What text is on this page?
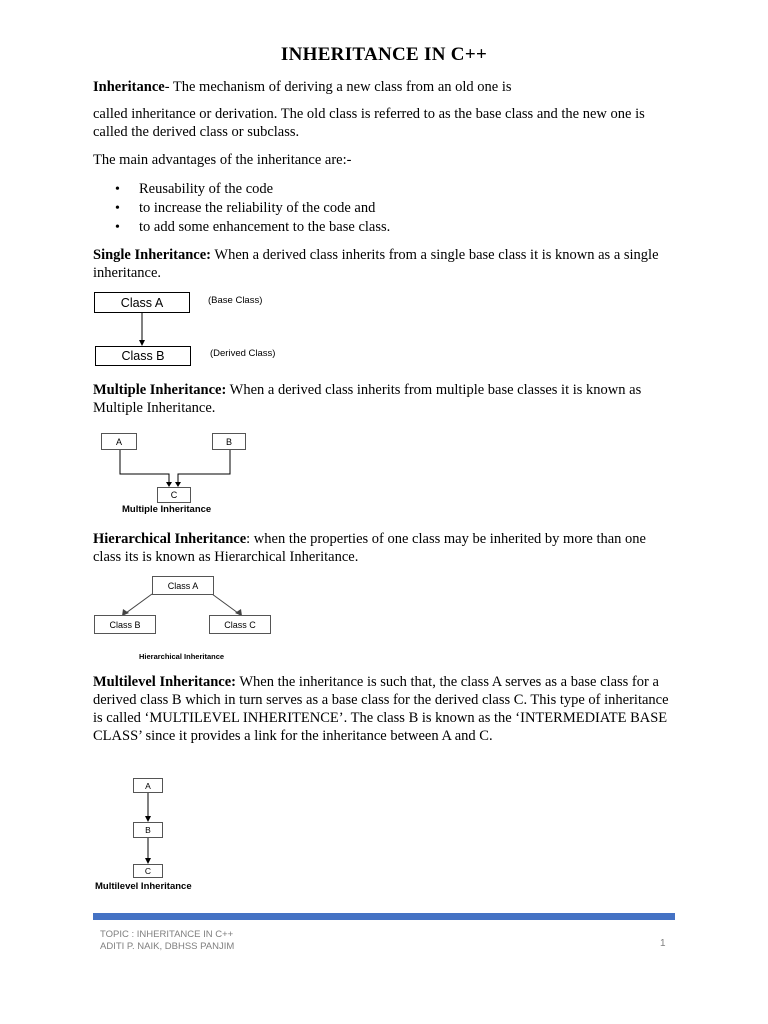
INHERITANCE IN C++
Inheritance- The mechanism of deriving a new class from an old one is
called inheritance or derivation. The old class is referred to as the base class and the new one is called the derived class or subclass.
The main advantages of the inheritance are:-
• Reusability of the code
• to increase the reliability of the code and
• to add some enhancement to the base class.
Single Inheritance: When a derived class inherits from a single base class it is known as a single inheritance.
Class A	(Base Class)
Class B	(Derived Class)
Multiple Inheritance: When a derived class inherits from multiple base classes it is known as Multiple Inheritance.
A	B
C
Multiple Inheritance
Hierarchical Inheritance: when the properties of one class may be inherited by more than one class its is known as Hierarchical Inheritance.
Class A
Class B	Class C
Hierarchical Inheritance
Multilevel Inheritance: When the inheritance is such that, the class A serves as a base class for a derived class B which in turn serves as a base class for the derived class C. This type of inheritance is called ‘MULTILEVEL INHERITENCE’. The class B is known as the ‘INTERMEDIATE BASE CLASS’ since it provides a link for the inheritance between A and C.
A
B
C
Multilevel Inheritance
TOPIC : INHERITANCE IN C++
ADITI P. NAIK, DBHSS PANJIM	1
